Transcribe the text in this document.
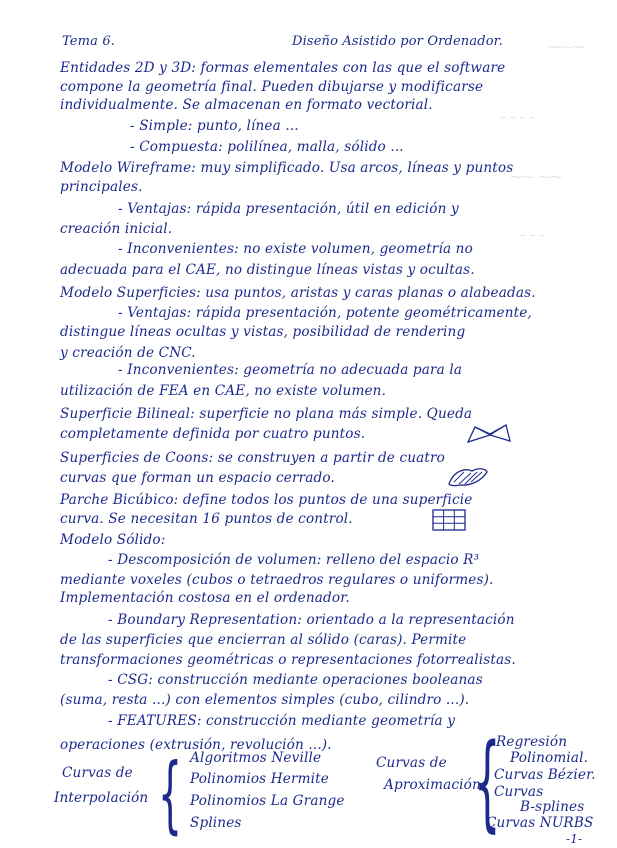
⁓⁓⁓
– – – –
⁓⁓ ⁓⁓
– – –
Tema 6.	Diseño Asistido por Ordenador.
Entidades 2D y 3D: formas elementales con las que el software
compone la geometría final. Pueden dibujarse y modificarse
individualmente. Se almacenan en formato vectorial.
- Simple: punto, línea ...
- Compuesta: polilínea, malla, sólido ...
Modelo Wireframe: muy simplificado. Usa arcos, líneas y puntos
principales.
- Ventajas: rápida presentación, útil en edición y
creación inicial.
- Inconvenientes: no existe volumen, geometría no
adecuada para el CAE, no distingue líneas vistas y ocultas.
Modelo Superficies: usa puntos, aristas y caras planas o alabeadas.
- Ventajas: rápida presentación, potente geométricamente,
distingue líneas ocultas y vistas, posibilidad de rendering
y creación de CNC.
- Inconvenientes: geometría no adecuada para la
utilización de FEA en CAE, no existe volumen.
Superficie Bilineal: superficie no plana más simple. Queda
completamente definida por cuatro puntos.
Superficies de Coons: se construyen a partir de cuatro
curvas que forman un espacio cerrado.
Parche Bicúbico: define todos los puntos de una superficie
curva. Se necesitan 16 puntos de control.
Modelo Sólido:
- Descomposición de volumen: relleno del espacio R³
mediante voxeles (cubos o tetraedros regulares o uniformes).
Implementación costosa en el ordenador.
- Boundary Representation: orientado a la representación
de las superficies que encierran al sólido (caras). Permite
transformaciones geométricas o representaciones fotorrealistas.
- CSG: construcción mediante operaciones booleanas
(suma, resta ...) con elementos simples (cubo, cilindro ...).
- FEATURES: construcción mediante geometría y
operaciones (extrusión, revolución ...).
Curvas de
Interpolación { Algoritmos Neville
Polinomios Hermite
Polinomios La Grange
Splines
Curvas de
Aproximación
{
Regresión
Polinomial.
Curvas Bézier.
Curvas
B-splines
Curvas NURBS
-1-
